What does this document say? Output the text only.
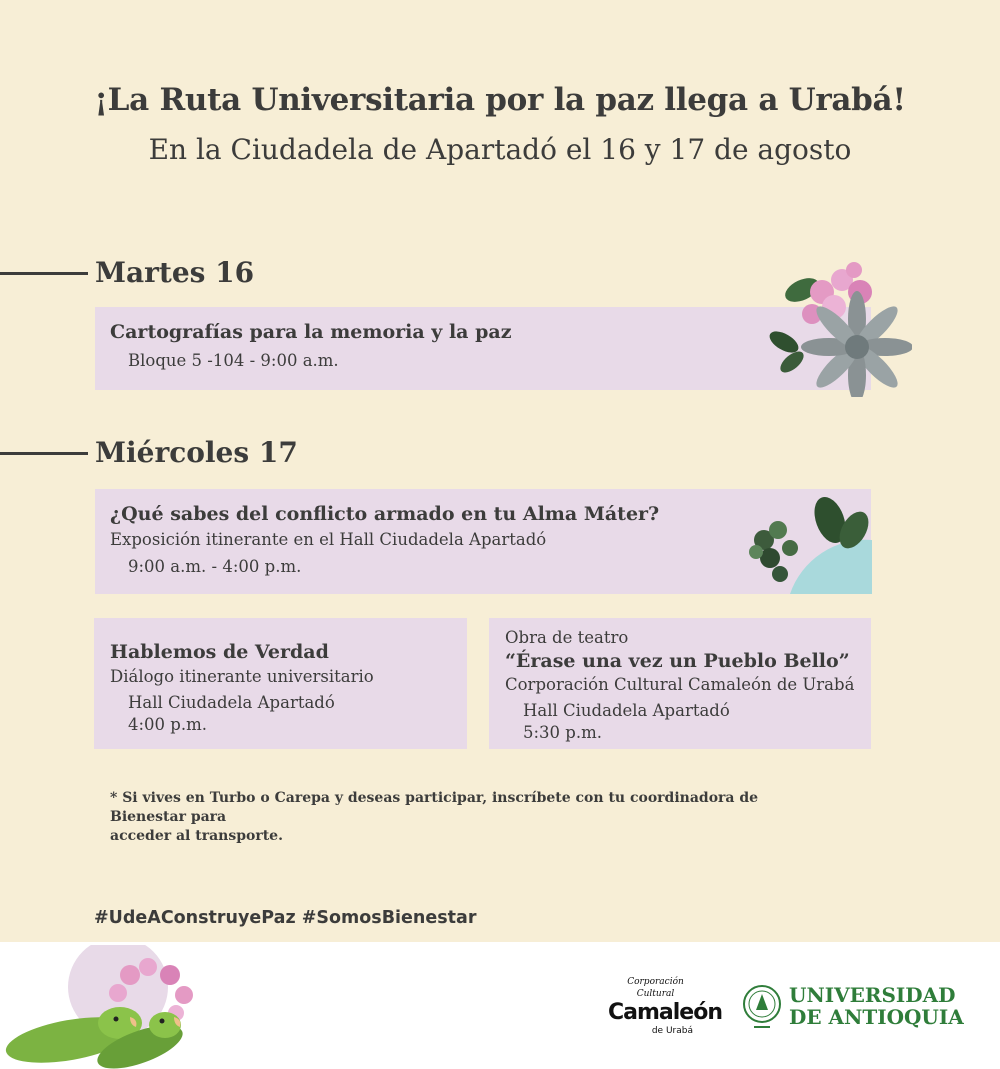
¡La Ruta Universitaria por la paz llega a Urabá!
En la Ciudadela de Apartadó el 16 y 17 de agosto
Martes 16
Cartografías para la memoria y la paz
Bloque 5 -104 - 9:00 a.m.
Miércoles 17
¿Qué sabes del conflicto armado en tu Alma Máter?
Exposición itinerante en el Hall Ciudadela Apartadó
9:00 a.m. - 4:00 p.m.
Hablemos de Verdad
Diálogo itinerante universitario
Hall Ciudadela Apartadó
4:00 p.m.
Obra de teatro
“Érase una vez un Pueblo Bello”
Corporación Cultural Camaleón de Urabá
Hall Ciudadela Apartadó
5:30 p.m.
* Si vives en Turbo o Carepa y deseas participar, inscríbete con tu coordinadora de Bienestar para
acceder al transporte.
#UdeAConstruyePaz #SomosBienestar
Corporación Cultural
Camaleón
de Urabá
UNIVERSIDAD
DE ANTIOQUIA
